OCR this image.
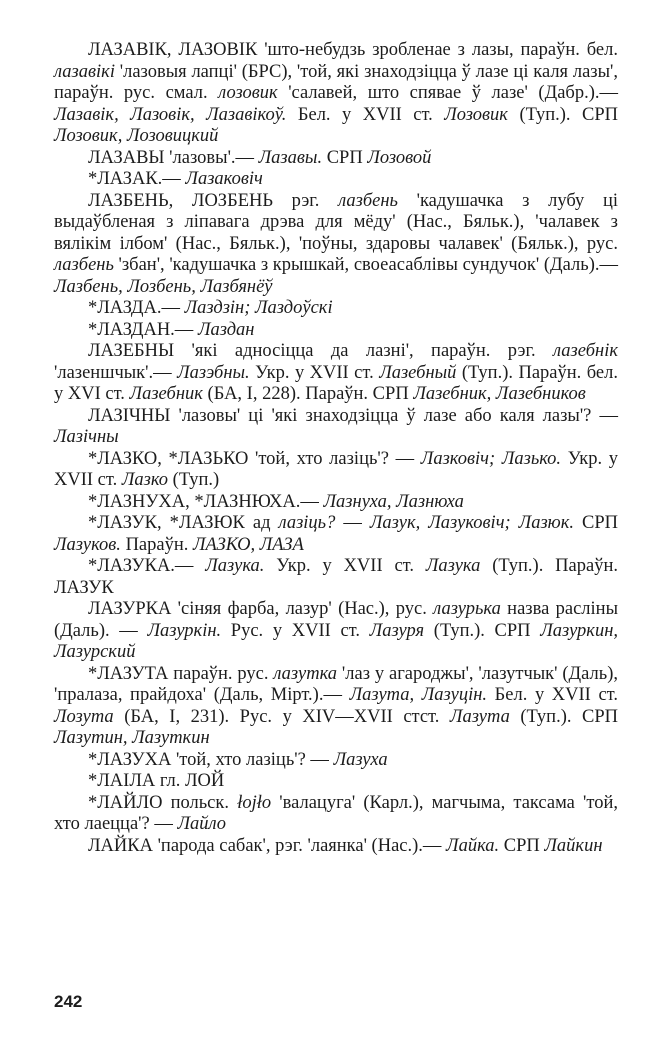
ЛАЗАВІК, ЛАЗОВІК 'што-небудзь зробленае з лазы, параўн. бел. лазавікі 'лазовыя лапці' (БРС), 'той, які знаходзіцца ў лазе ці каля лазы', параўн. рус. смал. лозовик 'салавей, што спявае ў лазе' (Дабр.).— Лазавік, Лазовік, Лазавікоў. Бел. у XVII ст. Лозовик (Туп.). СРП Лозовик, Лозовицкий

ЛАЗАВЫ 'лазовы'.— Лазавы. СРП Лозовой

*ЛАЗАК.— Лазаковіч

ЛАЗБЕНЬ, ЛОЗБЕНЬ рэг. лазбень 'кадушачка з лубу ці выдаўбленая з ліпавага дрэва для мёду' (Нас., Бяльк.), 'чалавек з вялікім ілбом' (Нас., Бяльк.), 'поўны, здаровы чалавек' (Бяльк.), рус. лазбень 'збан', 'кадушачка з крышкай, своеасаблівы сундучок' (Даль).— Лазбень, Лозбень, Лазбянёў

*ЛАЗДА.— Лаздзін; Лаздоўскі

*ЛАЗДАН.— Лаздан

ЛАЗЕБНЫ 'які адносіцца да лазні', параўн. рэг. лазебнік 'лазеншчык'.— Лазэбны. Укр. у XVII ст. Лазебный (Туп.). Параўн. бел. у XVI ст. Лазебник (БА, І, 228). Параўн. СРП Лазебник, Лазебников

ЛАЗІЧНЫ 'лазовы' ці 'які знаходзіцца ў лазе або каля лазы'? — Лазічны

*ЛАЗКО, *ЛАЗЬКО 'той, хто лазіць'? — Лазковіч; Лазько. Укр. у XVII ст. Лазко (Туп.)

*ЛАЗНУХА, *ЛАЗНЮХА.— Лазнуха, Лазнюха

*ЛАЗУК, *ЛАЗЮК ад лазіць? — Лазук, Лазуковіч; Лазюк. СРП Лазуков. Параўн. ЛАЗКО, ЛАЗА

*ЛАЗУКА.— Лазука. Укр. у XVII ст. Лазука (Туп.). Параўн. ЛАЗУК

ЛАЗУРКА 'сіняя фарба, лазур' (Нас.), рус. лазурька назва расліны (Даль). — Лазуркін. Рус. у XVII ст. Лазуря (Туп.). СРП Лазуркин, Лазурский

*ЛАЗУТА параўн. рус. лазутка 'лаз у агароджы', 'лазутчык' (Даль), 'пралаза, прайдоха' (Даль, Мірт.).— Лазута, Лазуцін. Бел. у XVII ст. Лозута (БА, І, 231). Рус. у XIV—XVII стст. Лазута (Туп.). СРП Лазутин, Лазуткин

*ЛАЗУХА 'той, хто лазіць'? — Лазуха

*ЛАІЛА гл. ЛОЙ

*ЛАЙЛО польск. łojło 'валацуга' (Карл.), магчыма, таксама 'той, хто лаецца'? — Лайло

ЛАЙКА 'парода сабак', рэг. 'лаянка' (Нас.).— Лайка. СРП Лайкин

242
